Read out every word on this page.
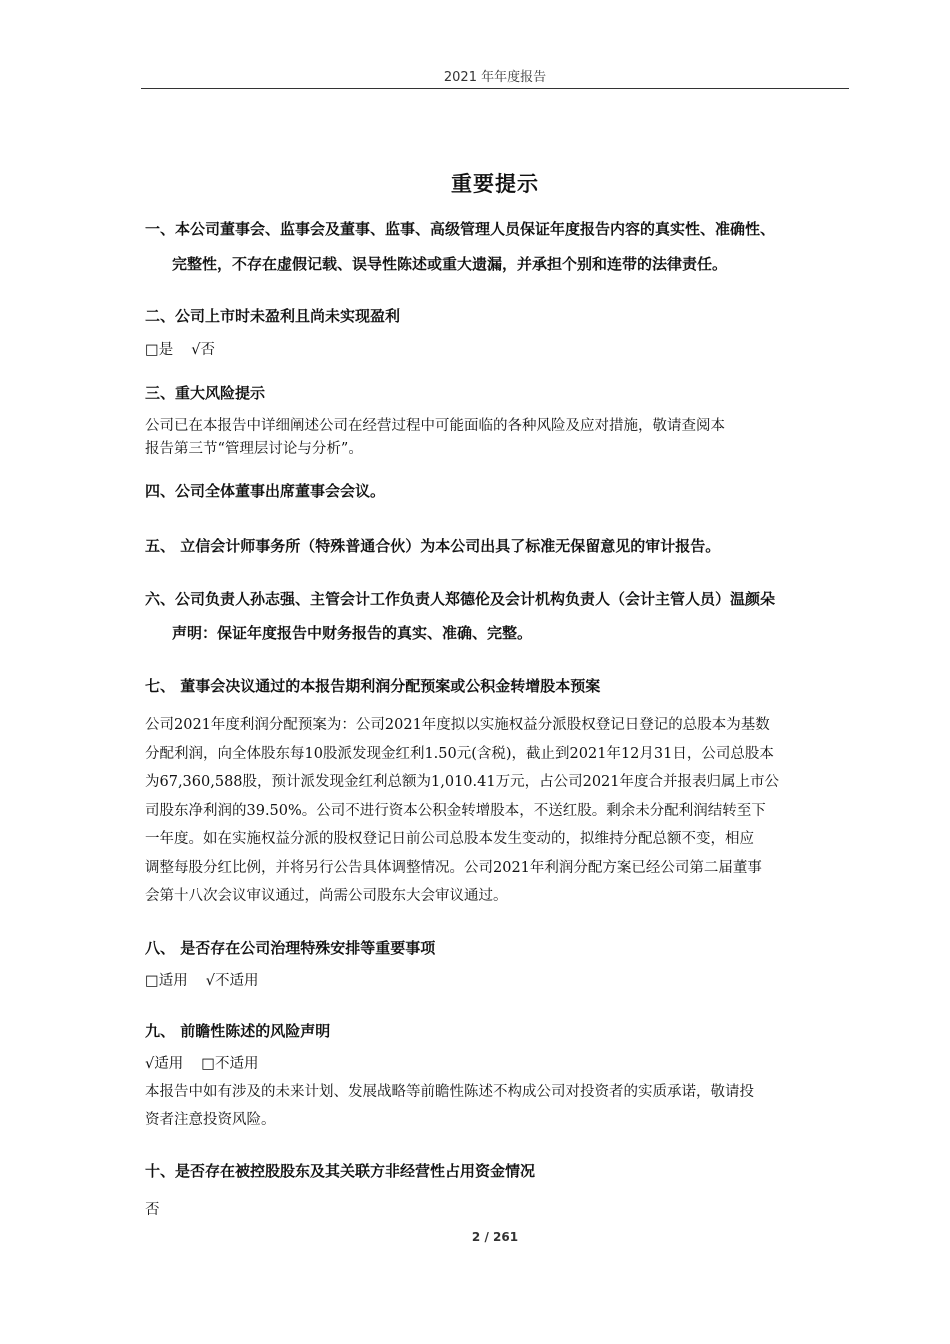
2021 年年度报告
重要提示
一、本公司董事会、监事会及董事、监事、高级管理人员保证年度报告内容的真实性、准确性、
完整性，不存在虚假记载、误导性陈述或重大遗漏，并承担个别和连带的法律责任。
二、公司上市时未盈利且尚未实现盈利
□是 √否
三、重大风险提示
公司已在本报告中详细阐述公司在经营过程中可能面临的各种风险及应对措施，敬请查阅本
报告第三节“管理层讨论与分析”。
四、公司全体董事出席董事会会议。
五、 立信会计师事务所（特殊普通合伙）为本公司出具了标准无保留意见的审计报告。
六、公司负责人孙志强、主管会计工作负责人郑德伦及会计机构负责人（会计主管人员）温颜朵
声明：保证年度报告中财务报告的真实、准确、完整。
七、 董事会决议通过的本报告期利润分配预案或公积金转增股本预案
公司2021年度利润分配预案为：公司2021年度拟以实施权益分派股权登记日登记的总股本为基数
分配利润，向全体股东每10股派发现金红利1.50元(含税)，截止到2021年12月31日，公司总股本
为67,360,588股，预计派发现金红利总额为1,010.41万元，占公司2021年度合并报表归属上市公
司股东净利润的39.50%。公司不进行资本公积金转增股本，不送红股。剩余未分配利润结转至下
一年度。如在实施权益分派的股权登记日前公司总股本发生变动的，拟维持分配总额不变，相应
调整每股分红比例，并将另行公告具体调整情况。公司2021年利润分配方案已经公司第二届董事
会第十八次会议审议通过，尚需公司股东大会审议通过。
八、 是否存在公司治理特殊安排等重要事项
□适用 √不适用
九、 前瞻性陈述的风险声明
√适用 □不适用
本报告中如有涉及的未来计划、发展战略等前瞻性陈述不构成公司对投资者的实质承诺，敬请投
资者注意投资风险。
十、是否存在被控股股东及其关联方非经营性占用资金情况
否
2 / 261
